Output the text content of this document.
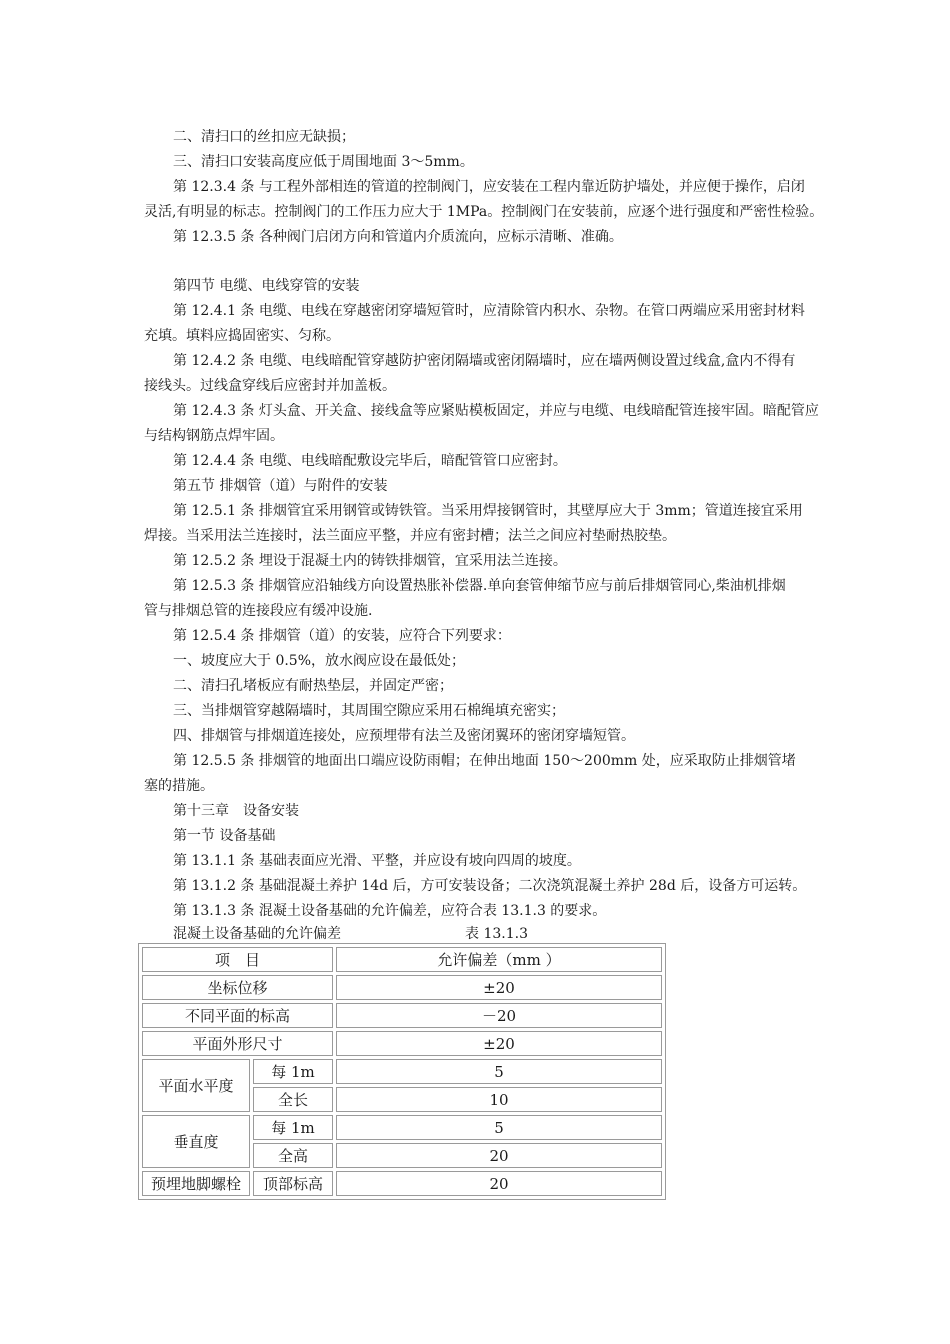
二、清扫口的丝扣应无缺损；
三、清扫口安装高度应低于周围地面 3～5mm。
第 12.3.4 条 与工程外部相连的管道的控制阀门，应安装在工程内靠近防护墙处，并应便于操作，启闭
灵活,有明显的标志。控制阀门的工作压力应大于 1MPa。控制阀门在安装前，应逐个进行强度和严密性检验。
第 12.3.5 条 各种阀门启闭方向和管道内介质流向，应标示清晰、准确。
第四节 电缆、电线穿管的安装
第 12.4.1 条 电缆、电线在穿越密闭穿墙短管时，应清除管内积水、杂物。在管口两端应采用密封材料
充填。填料应捣固密实、匀称。
第 12.4.2 条 电缆、电线暗配管穿越防护密闭隔墙或密闭隔墙时，应在墙两侧设置过线盒,盒内不得有
接线头。过线盒穿线后应密封并加盖板。
第 12.4.3 条 灯头盒、开关盒、接线盒等应紧贴模板固定，并应与电缆、电线暗配管连接牢固。暗配管应
与结构钢筋点焊牢固。
第 12.4.4 条 电缆、电线暗配敷设完毕后，暗配管管口应密封。
第五节 排烟管（道）与附件的安装
第 12.5.1 条 排烟管宜采用钢管或铸铁管。当采用焊接钢管时，其壁厚应大于 3mm；管道连接宜采用
焊接。当采用法兰连接时，法兰面应平整，并应有密封槽；法兰之间应衬垫耐热胶垫。
第 12.5.2 条 埋设于混凝土内的铸铁排烟管，宜采用法兰连接。
第 12.5.3 条 排烟管应沿轴线方向设置热胀补偿器.单向套管伸缩节应与前后排烟管同心,柴油机排烟
管与排烟总管的连接段应有缓冲设施.
第 12.5.4 条 排烟管（道）的安装，应符合下列要求：
一、坡度应大于 0.5%，放水阀应设在最低处；
二、清扫孔堵板应有耐热垫层，并固定严密；
三、当排烟管穿越隔墙时，其周围空隙应采用石棉绳填充密实；
四、排烟管与排烟道连接处，应预埋带有法兰及密闭翼环的密闭穿墙短管。
第 12.5.5 条 排烟管的地面出口端应设防雨帽；在伸出地面 150～200mm 处，应采取防止排烟管堵
塞的措施。
第十三章　设备安装
第一节 设备基础
第 13.1.1 条 基础表面应光滑、平整，并应设有坡向四周的坡度。
第 13.1.2 条 基础混凝土养护 14d 后，方可安装设备；二次浇筑混凝土养护 28d 后，设备方可运转。
第 13.1.3 条 混凝土设备基础的允许偏差，应符合表 13.1.3 的要求。
混凝土设备基础的允许偏差	表 13.1.3
项　目		允许偏差（mm ）
坐标位移		±20
不同平面的标高		－20
平面外形尺寸		±20
平面水平度	每 1m	5
	全长	10
垂直度	每 1m	5
	全高	20
预埋地脚螺栓	顶部标高	20
